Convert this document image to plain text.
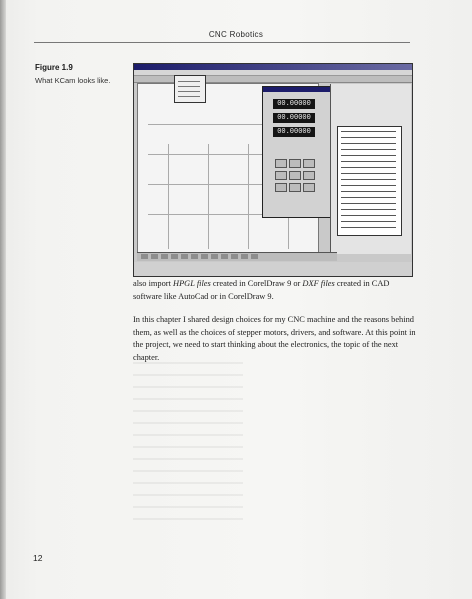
CNC Robotics
Figure 1.9
What KCam looks like.
00.00000
00.00000
00.00000
also import HPGL files created in CorelDraw 9 or DXF files created in CAD software like AutoCad or in CorelDraw 9.
In this chapter I shared design choices for my CNC machine and the reasons behind them, as well as the choices of stepper motors, drivers, and software. At this point in the project, we need to start thinking about the electronics, the topic of the next chapter.
12
